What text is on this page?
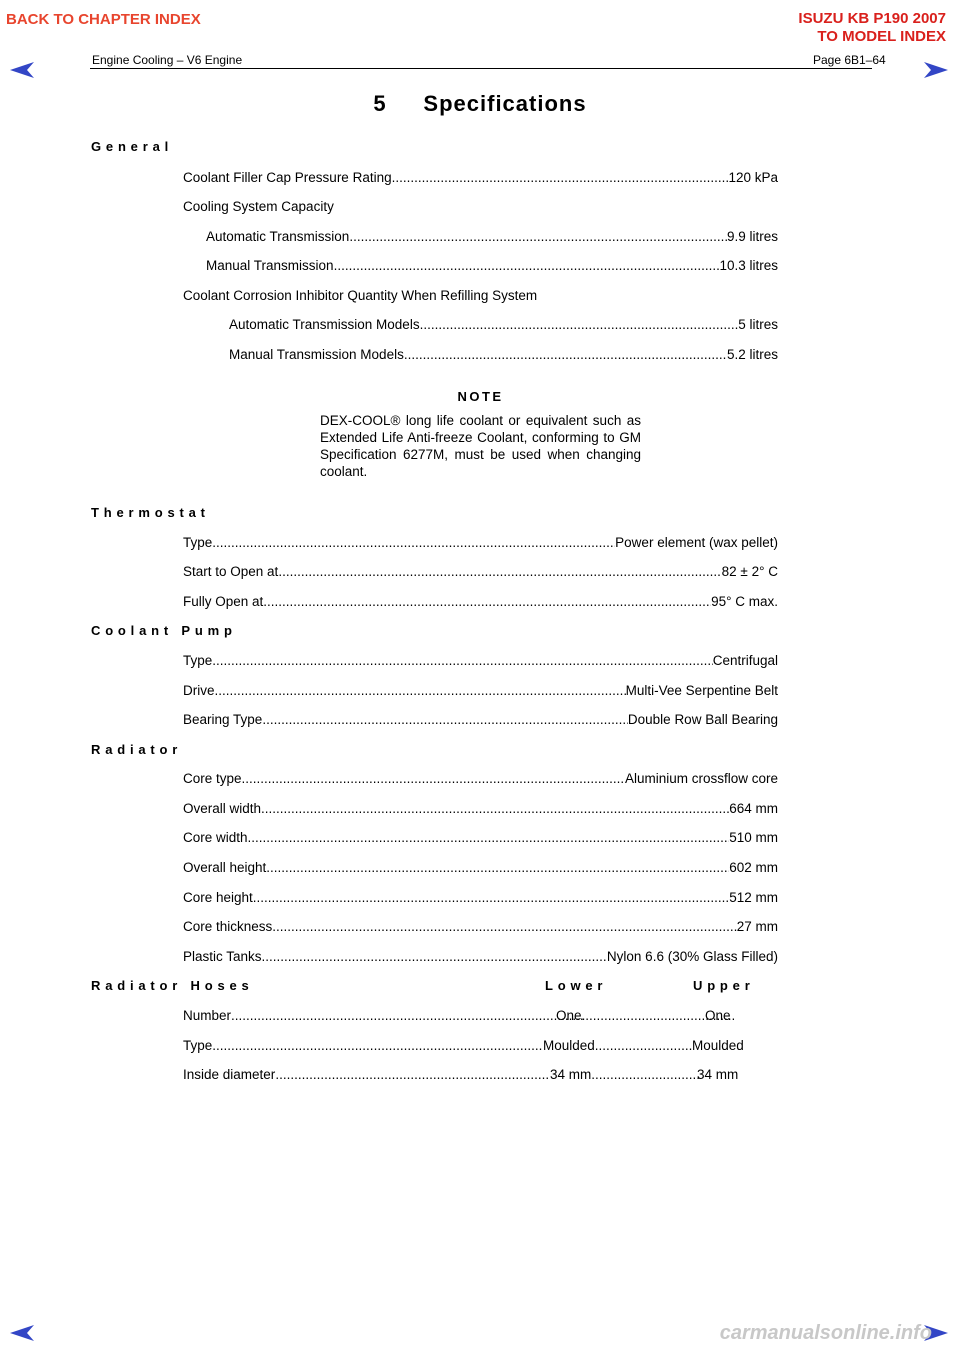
BACK TO CHAPTER INDEX	ISUZU KB P190 2007
TO MODEL INDEX
Engine Cooling – V6 Engine	Page 6B1–64
5 Specifications
General
Coolant Filler Cap Pressure Rating .....	120 kPa
Cooling System Capacity
Automatic Transmission .....	9.9 litres
Manual Transmission .....	10.3 litres
Coolant Corrosion Inhibitor Quantity When Refilling System
Automatic Transmission Models .....	5 litres
Manual Transmission Models .....	5.2 litres
NOTE
DEX-COOL® long life coolant or equivalent such as Extended Life Anti-freeze Coolant, conforming to GM Specification 6277M, must be used when changing coolant.
Thermostat
Type .....	Power element (wax pellet)
Start to Open at .....	82 ± 2° C
Fully Open at .....	95° C max.
Coolant Pump
Type .....	Centrifugal
Drive .....	Multi-Vee Serpentine Belt
Bearing Type .....	Double Row Ball Bearing
Radiator
Core type .....	Aluminium crossflow core
Overall width .....	664 mm
Core width .....	510 mm
Overall height .....	602 mm
Core height .....	512 mm
Core thickness .....	27 mm
Plastic Tanks .....	Nylon 6.6 (30% Glass Filled)
Radiator Hoses	Lower	Upper
Number .....	One .....	One
Type .....	Moulded .....	Moulded
Inside diameter .....	34 mm .....	34 mm
carmanualsonline.info
